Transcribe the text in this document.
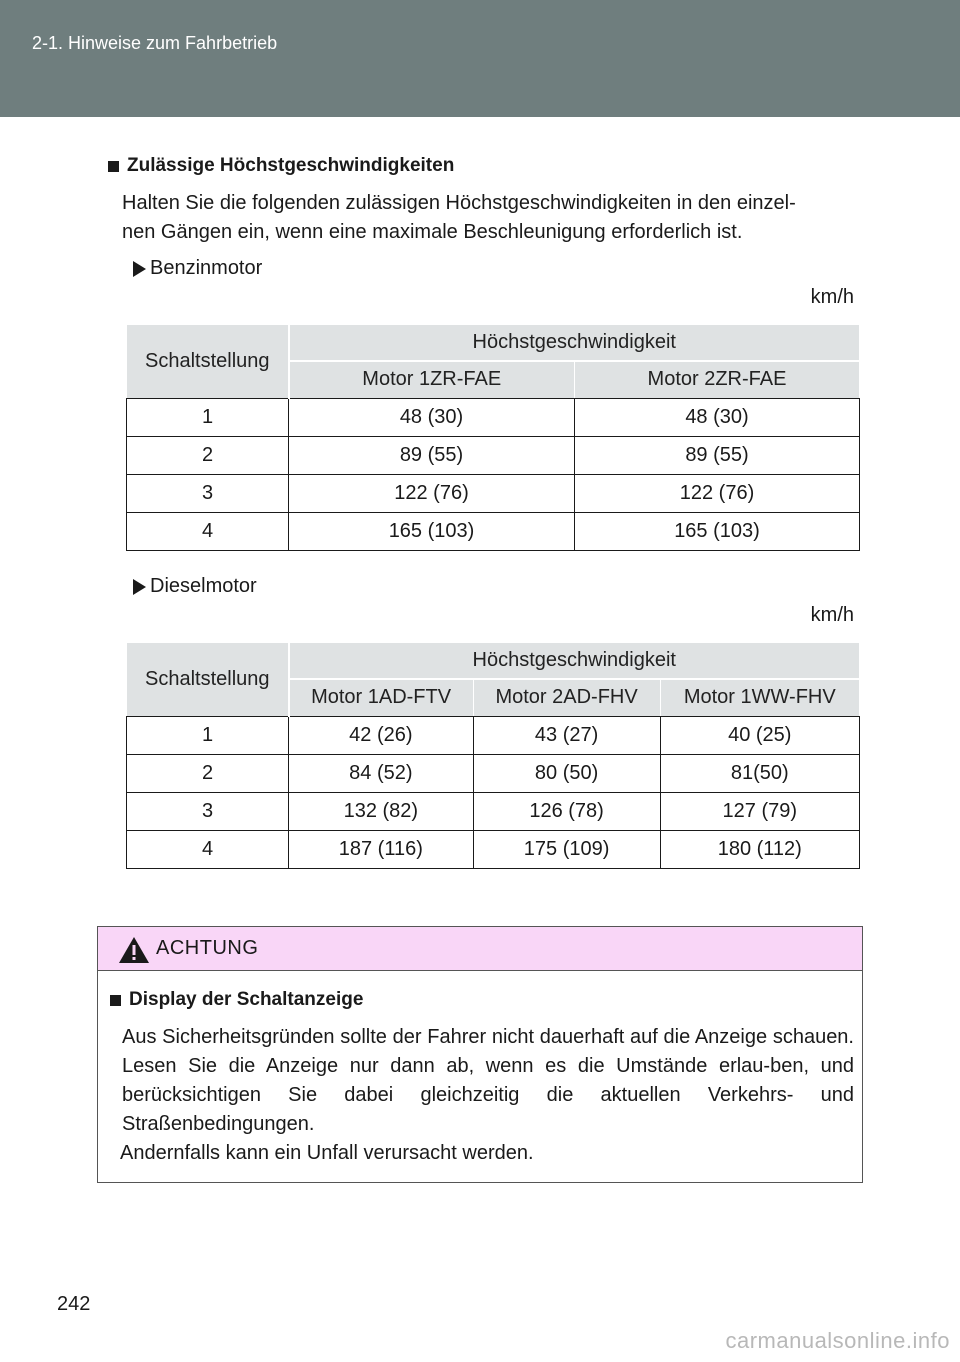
2-1. Hinweise zum Fahrbetrieb
Zulässige Höchstgeschwindigkeiten
Halten Sie die folgenden zulässigen Höchstgeschwindigkeiten in den einzel-
nen Gängen ein, wenn eine maximale Beschleunigung erforderlich ist.
Benzinmotor
km/h
Schaltstellung	Höchstgeschwindigkeit	
	Motor 1ZR-FAE	Motor 2ZR-FAE
1	48 (30)	48 (30)
2	89 (55)	89 (55)
3	122 (76)	122 (76)
4	165 (103)	165 (103)
Dieselmotor
km/h
Schaltstellung	Höchstgeschwindigkeit		
	Motor 1AD-FTV	Motor 2AD-FHV	Motor 1WW-FHV
1	42 (26)	43 (27)	40 (25)
2	84 (52)	80 (50)	81(50)
3	132 (82)	126 (78)	127 (79)
4	187 (116)	175 (109)	180 (112)
ACHTUNG
Display der Schaltanzeige
Aus Sicherheitsgründen sollte der Fahrer nicht dauerhaft auf die Anzeige schauen. Lesen Sie die Anzeige nur dann ab, wenn es die Umstände erlau-ben, und berücksichtigen Sie dabei gleichzeitig die aktuellen Verkehrs- und Straßenbedingungen.
Andernfalls kann ein Unfall verursacht werden.
242
carmanualsonline.info
